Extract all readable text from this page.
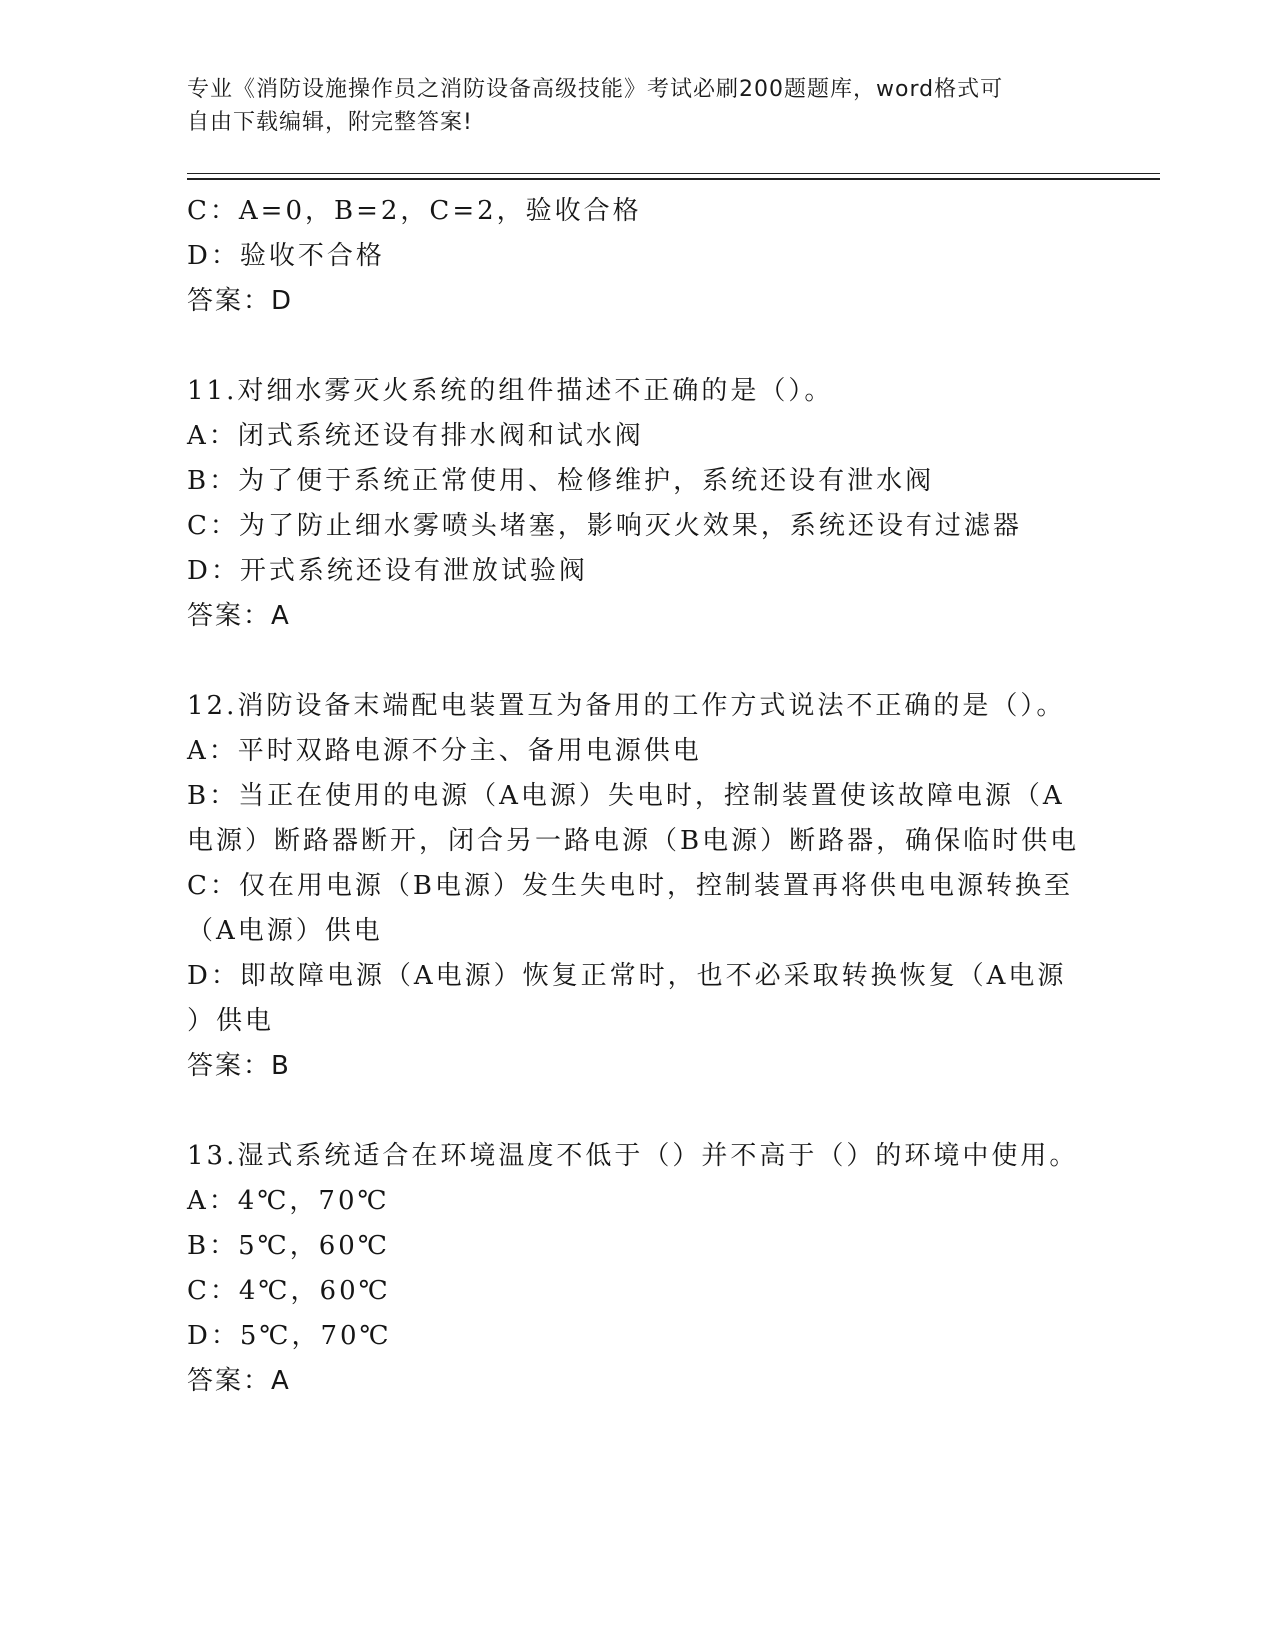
专业《消防设施操作员之消防设备高级技能》考试必刷200题题库，word格式可
自由下载编辑，附完整答案!
C：A=0，B=2，C=2，验收合格
D：验收不合格
答案：D
11.对细水雾灭火系统的组件描述不正确的是（）。
A：闭式系统还设有排水阀和试水阀
B：为了便于系统正常使用、检修维护，系统还设有泄水阀
C：为了防止细水雾喷头堵塞，影响灭火效果，系统还设有过滤器
D：开式系统还设有泄放试验阀
答案：A
12.消防设备末端配电装置互为备用的工作方式说法不正确的是（）。
A：平时双路电源不分主、备用电源供电
B：当正在使用的电源（A电源）失电时，控制装置使该故障电源（A
电源）断路器断开，闭合另一路电源（B电源）断路器，确保临时供电
C：仅在用电源（B电源）发生失电时，控制装置再将供电电源转换至
（A电源）供电
D：即故障电源（A电源）恢复正常时，也不必采取转换恢复（A电源
）供电
答案：B
13.湿式系统适合在环境温度不低于（）并不高于（）的环境中使用。
A：4℃，70℃
B：5℃，60℃
C：4℃，60℃
D：5℃，70℃
答案：A
